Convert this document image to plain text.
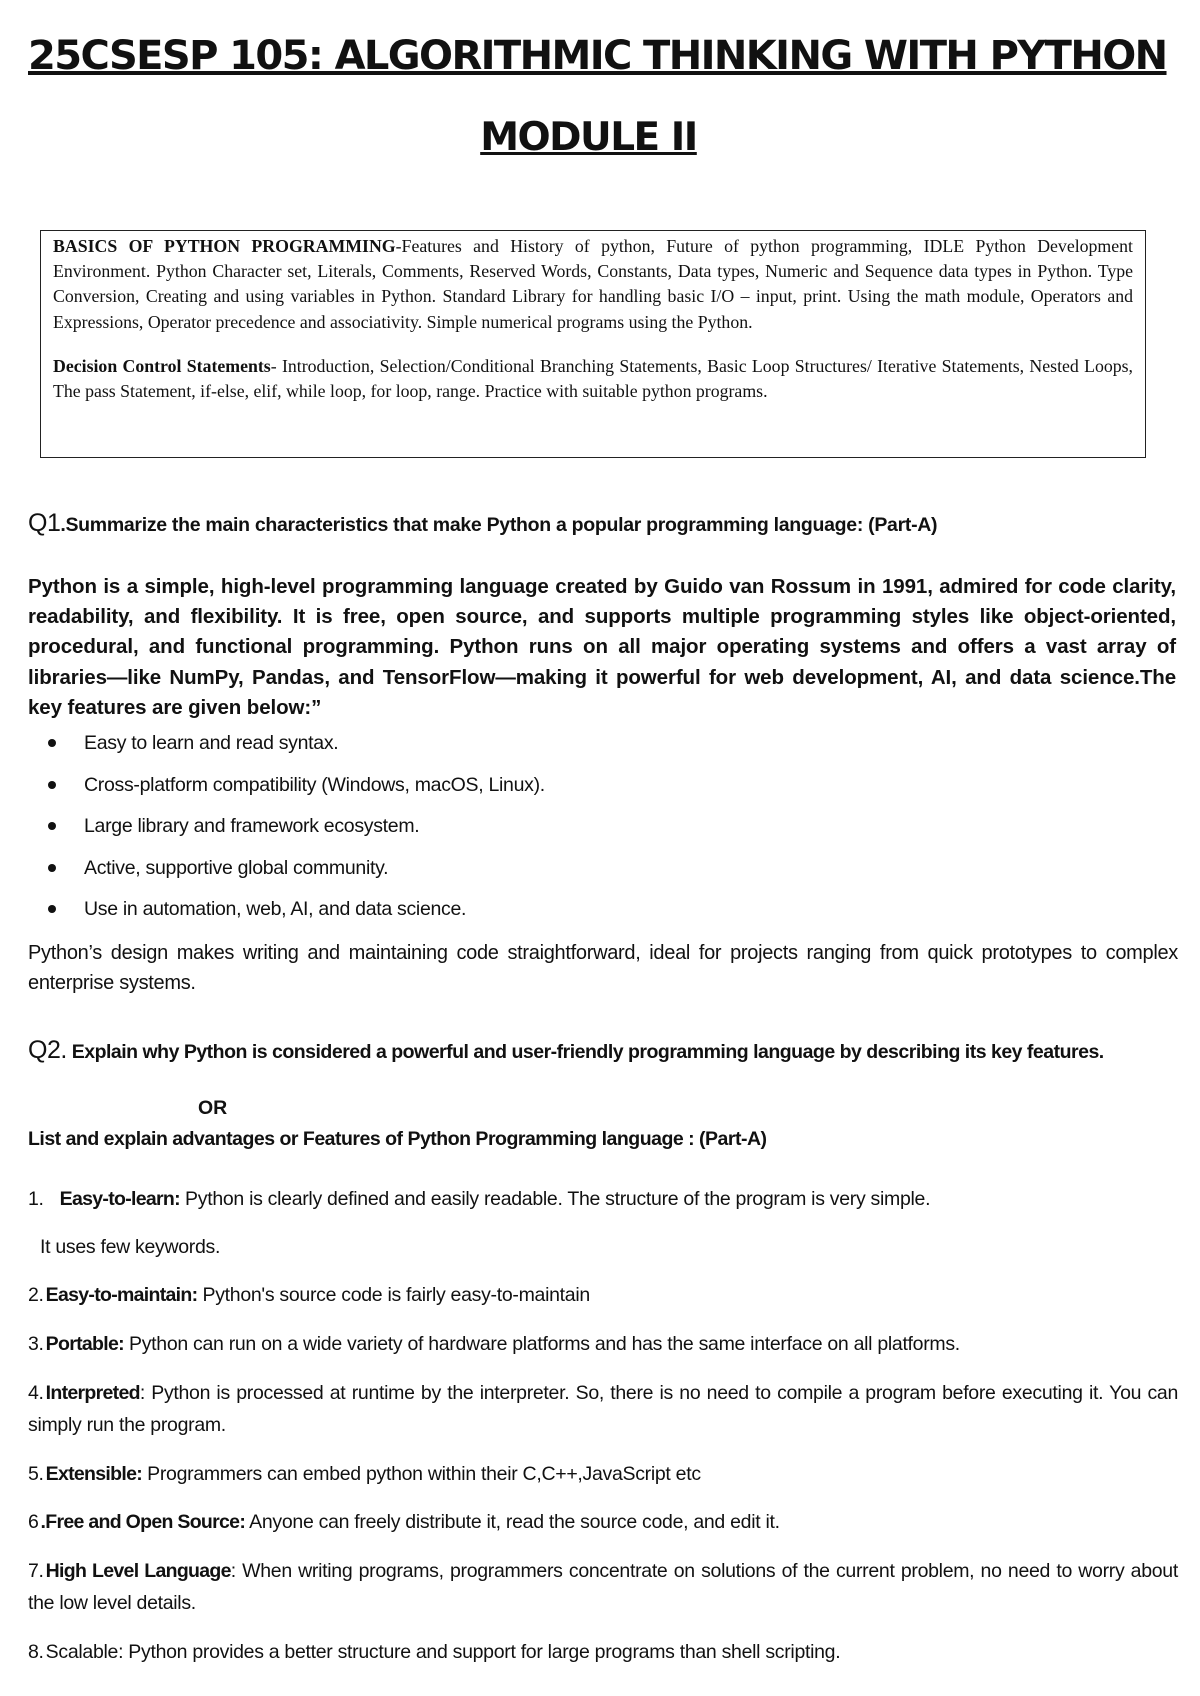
25CSESP 105: ALGORITHMIC THINKING WITH PYTHON
MODULE II

BASICS OF PYTHON PROGRAMMING-Features and History of python, Future of python programming, IDLE Python Development Environment. Python Character set, Literals, Comments, Reserved Words, Constants, Data types, Numeric and Sequence data types in Python. Type Conversion, Creating and using variables in Python. Standard Library for handling basic I/O – input, print. Using the math module, Operators and Expressions, Operator precedence and associativity. Simple numerical programs using the Python.

Decision Control Statements- Introduction, Selection/Conditional Branching Statements, Basic Loop Structures/ Iterative Statements, Nested Loops, The pass Statement, if-else, elif, while loop, for loop, range. Practice with suitable python programs.

Q1.Summarize the main characteristics that make Python a popular programming language: (Part-A)
Python is a simple, high-level programming language created by Guido van Rossum in 1991, admired for code clarity, readability, and flexibility. It is free, open source, and supports multiple programming styles like object-oriented, procedural, and functional programming. Python runs on all major operating systems and offers a vast array of libraries—like NumPy, Pandas, and TensorFlow—making it powerful for web development, AI, and data science.The key features are given below:”
Easy to learn and read syntax.
Cross-platform compatibility (Windows, macOS, Linux).
Large library and framework ecosystem.
Active, supportive global community.
Use in automation, web, AI, and data science.
Python’s design makes writing and maintaining code straightforward, ideal for projects ranging from quick prototypes to complex enterprise systems.
Q2. Explain why Python is considered a powerful and user-friendly programming language by describing its key features.
OR
List and explain advantages or Features of Python Programming language : (Part-A)
1. Easy-to-learn: Python is clearly defined and easily readable. The structure of the program is very simple.
It uses few keywords.
2. Easy-to-maintain: Python's source code is fairly easy-to-maintain
3. Portable: Python can run on a wide variety of hardware platforms and has the same interface on all platforms.
4. Interpreted: Python is processed at runtime by the interpreter. So, there is no need to compile a program before executing it. You can simply run the program.
5. Extensible: Programmers can embed python within their C,C++,JavaScript etc
6 .Free and Open Source: Anyone can freely distribute it, read the source code, and edit it.
7. High Level Language: When writing programs, programmers concentrate on solutions of the current problem, no need to worry about the low level details.
8. Scalable: Python provides a better structure and support for large programs than shell scripting.
